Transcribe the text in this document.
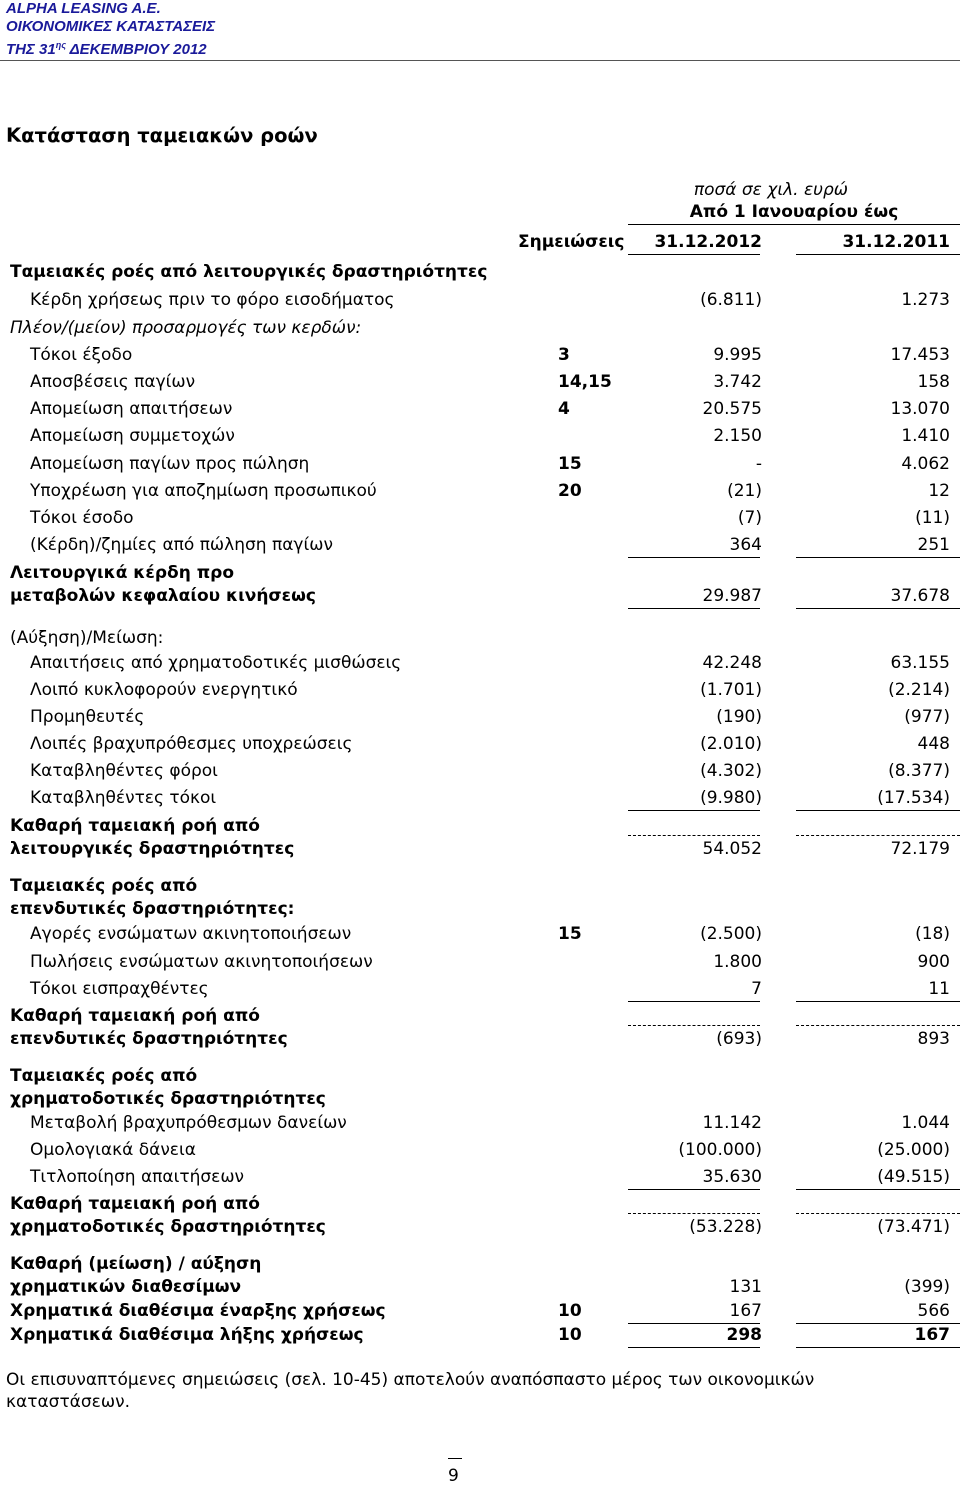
ALPHA LEASING A.E.
ΟΙΚΟΝΟΜΙΚΕΣ ΚΑΤΑΣΤΑΣΕΙΣ
ΤΗΣ $31^{\eta\varsigma}$ ΔΕΚΕΜΒΡΙΟΥ 2012
Κατάσταση ταμειακών ροών
ποσά σε χιλ. ευρώ
Από 1 Ιανουαρίου έως
Σημειώσεις 31.12.2012	31.12.2011
Ταμειακές ροές από λειτουργικές δραστηριότητες
Κέρδη χρήσεως πριν το φόρο εισοδήματος	(6.811)	1.273
Πλέον/(μείον) προσαρμογές των κερδών:
Τόκοι έξοδο	3	9.995	17.453
Αποσβέσεις παγίων	14,15	3.742	158
Απομείωση απαιτήσεων	4	20.575	13.070
Απομείωση συμμετοχών	2.150	1.410
Απομείωση παγίων προς πώληση	15	-	4.062
Υποχρέωση για αποζημίωση προσωπικού	20	(21)	12
Τόκοι έσοδο	(7)	(11)
(Κέρδη)/ζημίες από πώληση παγίων	364	251
Λειτουργικά κέρδη προ
μεταβολών κεφαλαίου κινήσεως	29.987	37.678
(Αύξηση)/Μείωση:
Απαιτήσεις από χρηματοδοτικές μισθώσεις	42.248	63.155
Λοιπό κυκλοφορούν ενεργητικό	(1.701)	(2.214)
Προμηθευτές	(190)	(977)
Λοιπές βραχυπρόθεσμες υποχρεώσεις	(2.010)	448
Καταβληθέντες φόροι	(4.302)	(8.377)
Καταβληθέντες τόκοι	(9.980)	(17.534)
Καθαρή ταμειακή ροή από
λειτουργικές δραστηριότητες	54.052	72.179
Ταμειακές ροές από
επενδυτικές δραστηριότητες:
Αγορές ενσώματων ακινητοποιήσεων	15	(2.500)	(18)
Πωλήσεις ενσώματων ακινητοποιήσεων	1.800	900
Τόκοι εισπραχθέντες	7	11
Καθαρή ταμειακή ροή από
επενδυτικές δραστηριότητες	(693)	893
Ταμειακές ροές από
χρηματοδοτικές δραστηριότητες
Μεταβολή βραχυπρόθεσμων δανείων	11.142	1.044
Ομολογιακά δάνεια	(100.000)	(25.000)
Τιτλοποίηση απαιτήσεων	35.630	(49.515)
Καθαρή ταμειακή ροή από
χρηματοδοτικές δραστηριότητες	(53.228)	(73.471)
Καθαρή (μείωση) / αύξηση
χρηματικών διαθεσίμων	131	(399)
Χρηματικά διαθέσιμα έναρξης χρήσεως	10	167	566
Χρηματικά διαθέσιμα λήξης χρήσεως	10	298	167
Οι επισυναπτόμενες σημειώσεις (σελ. 10-45) αποτελούν αναπόσπαστο μέρος των οικονομικών καταστάσεων.
9
